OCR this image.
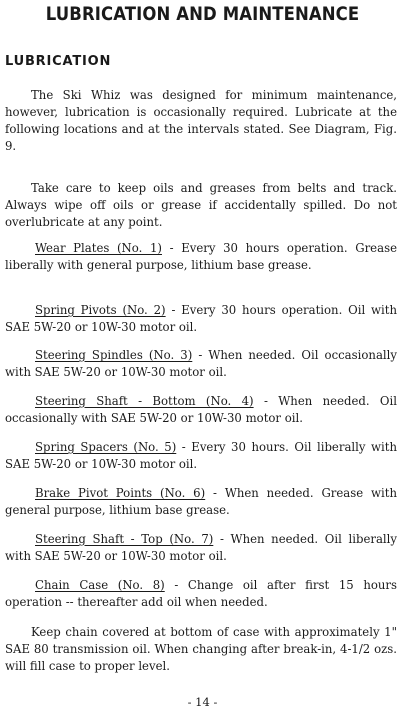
LUBRICATION AND MAINTENANCE
LUBRICATION

The Ski Whiz was designed for minimum maintenance, however, lubrication is occasionally required. Lubricate at the following locations and at the intervals stated. See Diagram, Fig. 9.

Take care to keep oils and greases from belts and track. Always wipe off oils or grease if accidentally spilled. Do not overlubricate at any point.

Wear Plates (No. 1) - Every 30 hours operation. Grease liberally with general purpose, lithium base grease.

Spring Pivots (No. 2) - Every 30 hours operation. Oil with SAE 5W-20 or 10W-30 motor oil.

Steering Spindles (No. 3) - When needed. Oil occasionally with SAE 5W-20 or 10W-30 motor oil.

Steering Shaft - Bottom (No. 4) - When needed. Oil occasionally with SAE 5W-20 or 10W-30 motor oil.

Spring Spacers (No. 5) - Every 30 hours. Oil liberally with SAE 5W-20 or 10W-30 motor oil.

Brake Pivot Points (No. 6) - When needed. Grease with general purpose, lithium base grease.

Steering Shaft - Top (No. 7) - When needed. Oil liberally with SAE 5W-20 or 10W-30 motor oil.

Chain Case (No. 8) - Change oil after first 15 hours operation -- thereafter add oil when needed.

Keep chain covered at bottom of case with approximately 1" SAE 80 transmission oil. When changing after break-in, 4-1/2 ozs. will fill case to proper level.

- 14 -
